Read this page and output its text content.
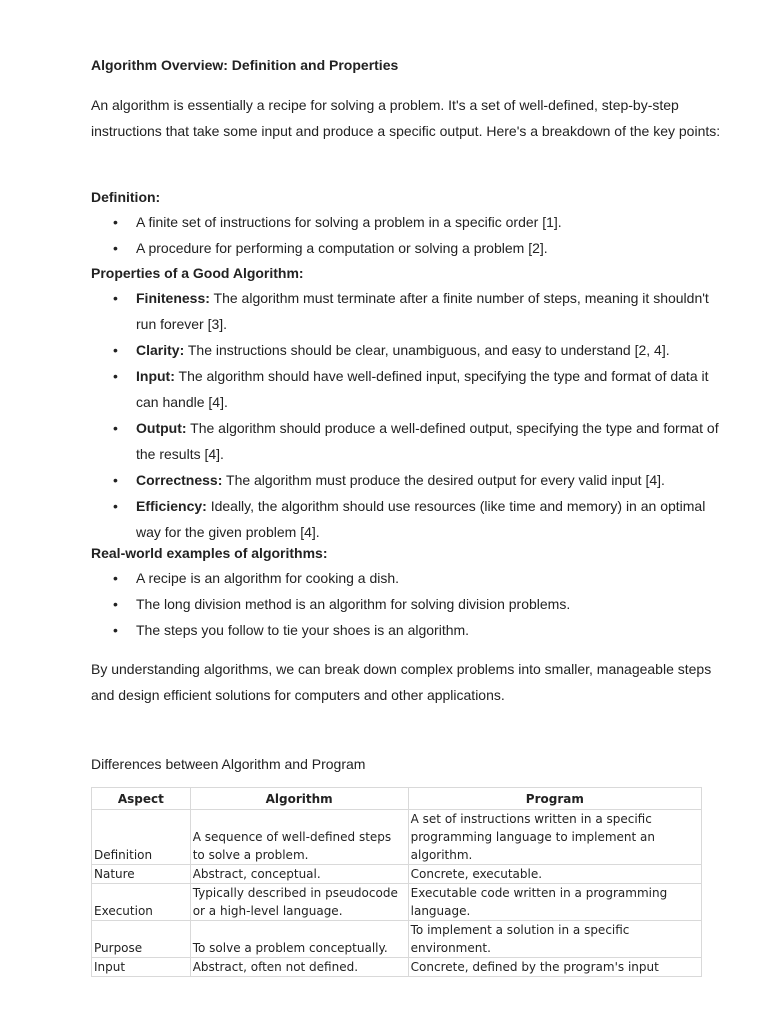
Algorithm Overview: Definition and Properties

An algorithm is essentially a recipe for solving a problem. It's a set of well-defined, step-by-step instructions that take some input and produce a specific output. Here's a breakdown of the key points:

Definition:
• A finite set of instructions for solving a problem in a specific order [1].
• A procedure for performing a computation or solving a problem [2].
Properties of a Good Algorithm:
• Finiteness: The algorithm must terminate after a finite number of steps, meaning it shouldn't run forever [3].
• Clarity: The instructions should be clear, unambiguous, and easy to understand [2, 4].
• Input: The algorithm should have well-defined input, specifying the type and format of data it can handle [4].
• Output: The algorithm should produce a well-defined output, specifying the type and format of the results [4].
• Correctness: The algorithm must produce the desired output for every valid input [4].
• Efficiency: Ideally, the algorithm should use resources (like time and memory) in an optimal way for the given problem [4].
Real-world examples of algorithms:
• A recipe is an algorithm for cooking a dish.
• The long division method is an algorithm for solving division problems.
• The steps you follow to tie your shoes is an algorithm.

By understanding algorithms, we can break down complex problems into smaller, manageable steps and design efficient solutions for computers and other applications.

Differences between Algorithm and Program
Aspect	Algorithm	Program
Definition	A sequence of well-defined steps to solve a problem.	A set of instructions written in a specific programming language to implement an algorithm.
Nature	Abstract, conceptual.	Concrete, executable.
Execution	Typically described in pseudocode or a high-level language.	Executable code written in a programming language.
Purpose	To solve a problem conceptually.	To implement a solution in a specific environment.
Input	Abstract, often not defined.	Concrete, defined by the program's input
